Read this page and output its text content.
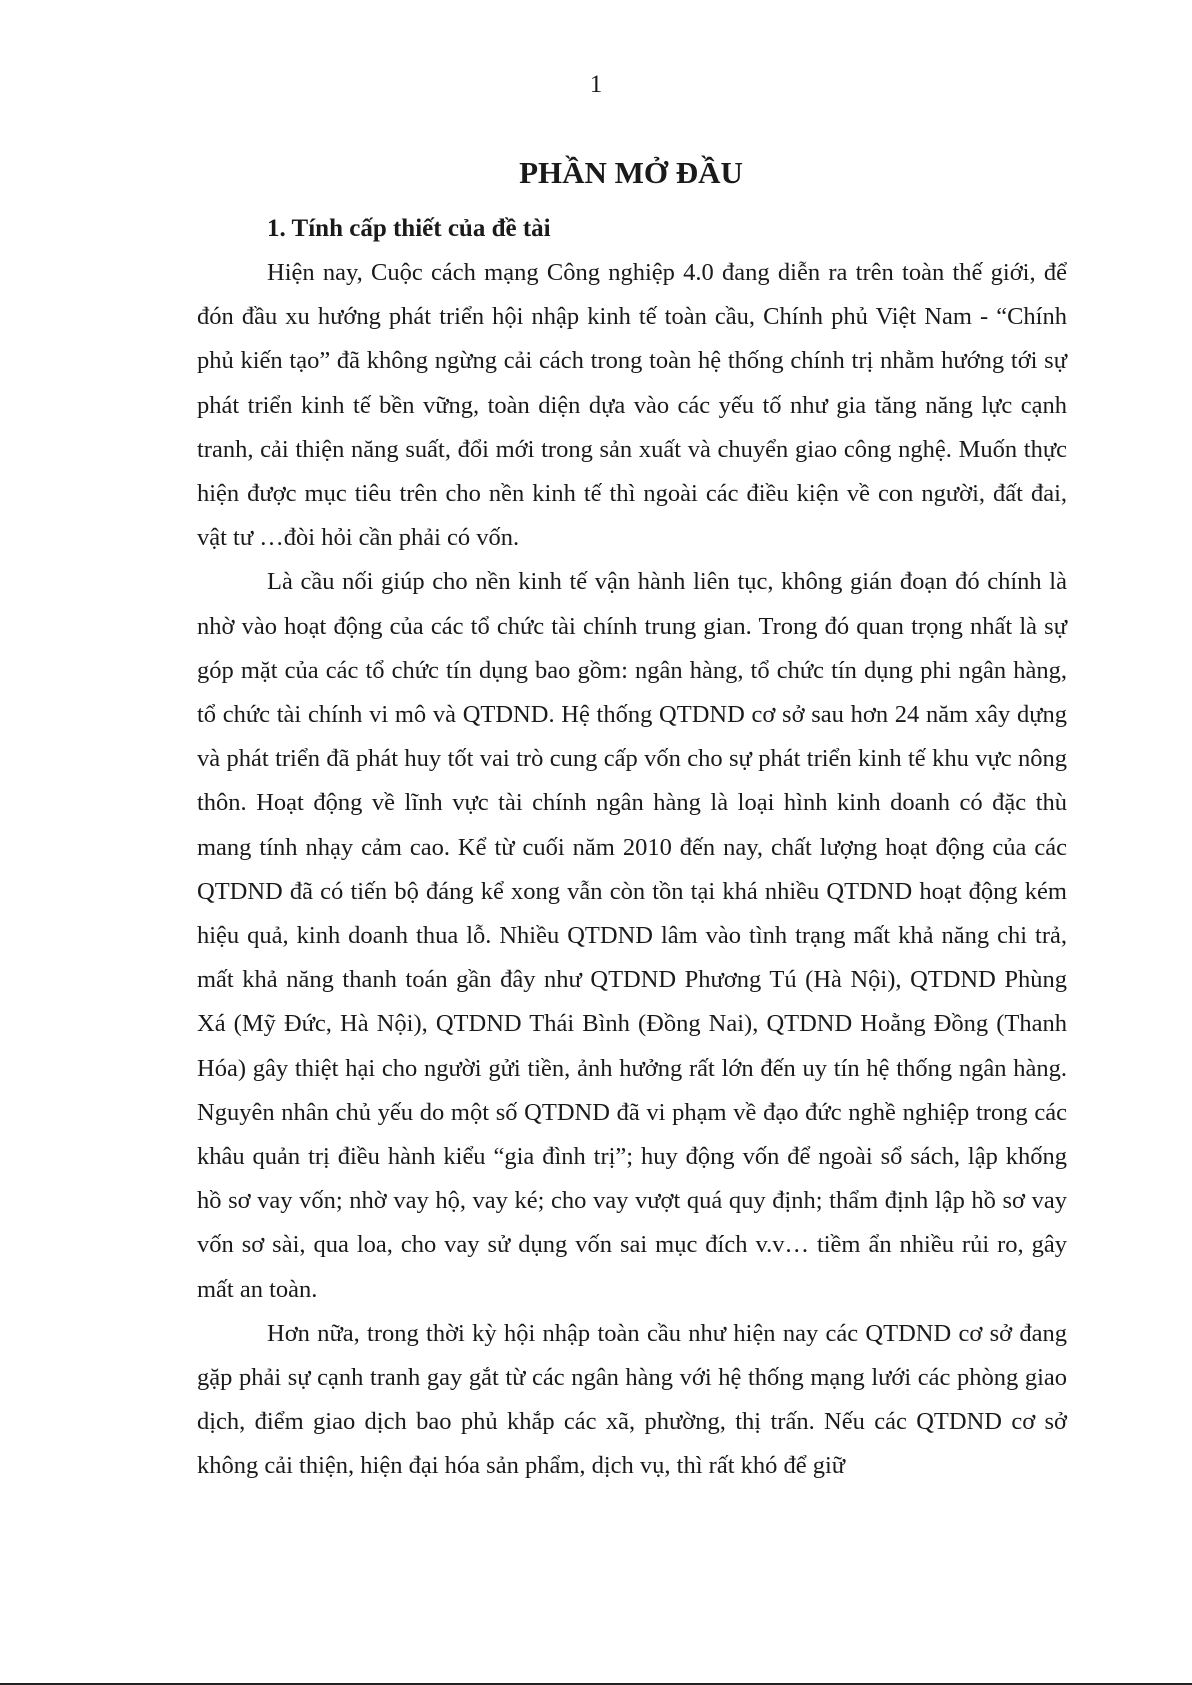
1
PHẦN MỞ ĐẦU
1. Tính cấp thiết của đề tài

Hiện nay, Cuộc cách mạng Công nghiệp 4.0 đang diễn ra trên toàn thế giới, để đón đầu xu hướng phát triển hội nhập kinh tế toàn cầu, Chính phủ Việt Nam - “Chính phủ kiến tạo” đã không ngừng cải cách trong toàn hệ thống chính trị nhằm hướng tới sự phát triển kinh tế bền vững, toàn diện dựa vào các yếu tố như gia tăng năng lực cạnh tranh, cải thiện năng suất, đổi mới trong sản xuất và chuyển giao công nghệ. Muốn thực hiện được mục tiêu trên cho nền kinh tế thì ngoài các điều kiện về con người, đất đai, vật tư …đòi hỏi cần phải có vốn.

Là cầu nối giúp cho nền kinh tế vận hành liên tục, không gián đoạn đó chính là nhờ vào hoạt động của các tổ chức tài chính trung gian. Trong đó quan trọng nhất là sự góp mặt của các tổ chức tín dụng bao gồm: ngân hàng, tổ chức tín dụng phi ngân hàng, tổ chức tài chính vi mô và QTDND. Hệ thống QTDND cơ sở sau hơn 24 năm xây dựng và phát triển đã phát huy tốt vai trò cung cấp vốn cho sự phát triển kinh tế khu vực nông thôn. Hoạt động về lĩnh vực tài chính ngân hàng là loại hình kinh doanh có đặc thù mang tính nhạy cảm cao. Kể từ cuối năm 2010 đến nay, chất lượng hoạt động của các QTDND đã có tiến bộ đáng kể xong vẫn còn tồn tại khá nhiều QTDND hoạt động kém hiệu quả, kinh doanh thua lỗ. Nhiều QTDND lâm vào tình trạng mất khả năng chi trả, mất khả năng thanh toán gần đây như QTDND Phương Tú (Hà Nội), QTDND Phùng Xá (Mỹ Đức, Hà Nội), QTDND Thái Bình (Đồng Nai), QTDND Hoằng Đồng (Thanh Hóa) gây thiệt hại cho người gửi tiền, ảnh hưởng rất lớn đến uy tín hệ thống ngân hàng. Nguyên nhân chủ yếu do một số QTDND đã vi phạm về đạo đức nghề nghiệp trong các khâu quản trị điều hành kiểu “gia đình trị”; huy động vốn để ngoài sổ sách, lập khống hồ sơ vay vốn; nhờ vay hộ, vay ké; cho vay vượt quá quy định; thẩm định lập hồ sơ vay vốn sơ sài, qua loa, cho vay sử dụng vốn sai mục đích v.v… tiềm ẩn nhiều rủi ro, gây mất an toàn.

Hơn nữa, trong thời kỳ hội nhập toàn cầu như hiện nay các QTDND cơ sở đang gặp phải sự cạnh tranh gay gắt từ các ngân hàng với hệ thống mạng lưới các phòng giao dịch, điểm giao dịch bao phủ khắp các xã, phường, thị trấn. Nếu các QTDND cơ sở không cải thiện, hiện đại hóa sản phẩm, dịch vụ, thì rất khó để giữ
